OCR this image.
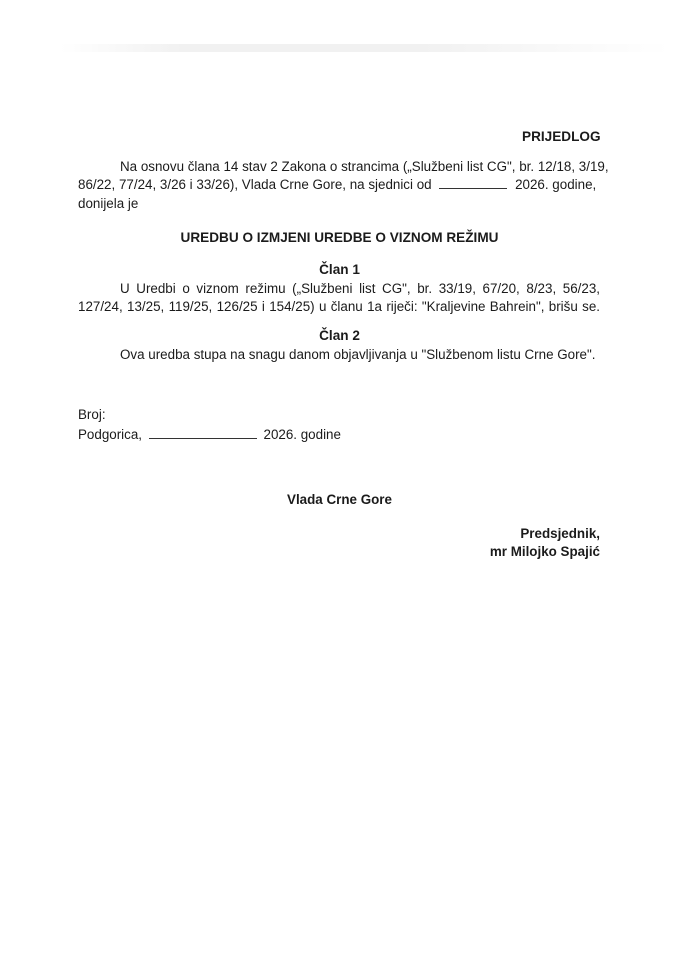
PRIJEDLOG
Na osnovu člana 14 stav 2 Zakona o strancima („Službeni list CG", br. 12/18, 3/19,
86/22, 77/24, 3/26 i 33/26), Vlada Crne Gore, na sjednici od	2026. godine,
donijela je
UREDBU O IZMJENI UREDBE O VIZNOM REŽIMU
Član 1
U Uredbi o viznom režimu („Službeni list CG", br. 33/19, 67/20, 8/23, 56/23,
127/24, 13/25, 119/25, 126/25 i 154/25) u članu 1a riječi: "Kraljevine Bahrein", brišu se.
Član 2
Ova uredba stupa na snagu danom objavljivanja u "Službenom listu Crne Gore".
Broj:
Podgorica,	2026. godine
Vlada Crne Gore
Predsjednik,
mr Milojko Spajić
